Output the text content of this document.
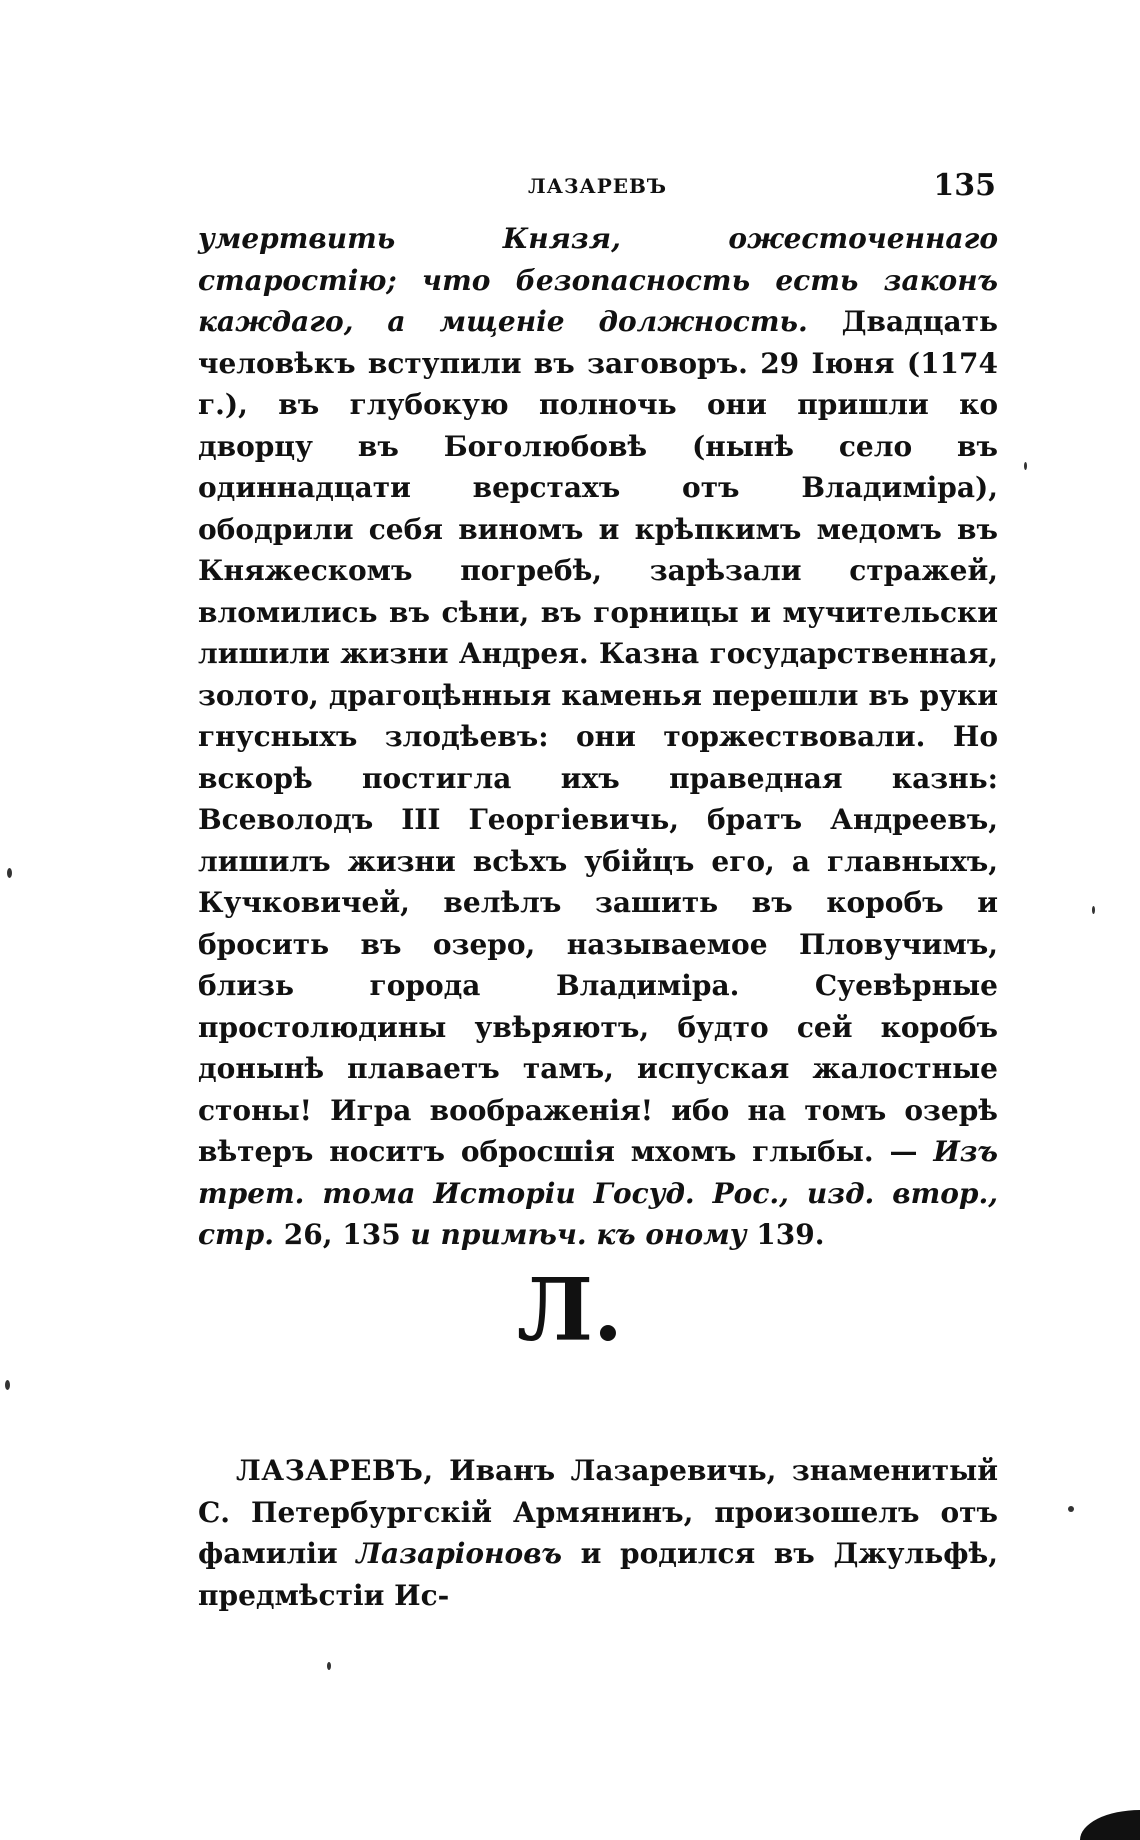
ЛАЗАРЕВЪ	135

умертвить Князя, ожесточеннаго старостію; что безопасность есть законъ каждаго, а мщеніе должность. Двадцать человѣкъ вступили въ заговоръ. 29 Іюня (1174 г.), въ глубокую полночь они пришли ко дворцу въ Боголюбовѣ (нынѣ село въ одиннадцати верстахъ отъ Владиміра), ободрили себя виномъ и крѣпкимъ медомъ въ Княжескомъ погребѣ, зарѣзали стражей, вломились въ сѣни, въ горницы и мучительски лишили жизни Андрея. Казна государственная, золото, драгоцѣнныя каменья перешли въ руки гнусныхъ злодѣевъ: они торжествовали. Но вскорѣ постигла ихъ праведная казнь: Всеволодъ III Георгіевичь, братъ Андреевъ, лишилъ жизни всѣхъ убійцъ его, а главныхъ, Кучковичей, велѣлъ зашить въ коробъ и бросить въ озеро, называемое Пловучимъ, близь города Владиміра. Суевѣрные простолюдины увѣряютъ, будто сей коробъ донынѣ плаваетъ тамъ, испуская жалостные стоны! Игра воображенія! ибо на томъ озерѣ вѣтеръ носитъ обросшія мхомъ глыбы. — Изъ трет. тома Исторіи Госуд. Рос., изд. втор., стр. 26, 135 и примѣч. къ оному 139.

Л.

ЛАЗАРЕВЪ, Иванъ Лазаревичь, знаменитый С. Петербургскій Армянинъ, произошелъ отъ фамиліи Лазаріоновъ и родился въ Джульфѣ, предмѣстіи Ис-
